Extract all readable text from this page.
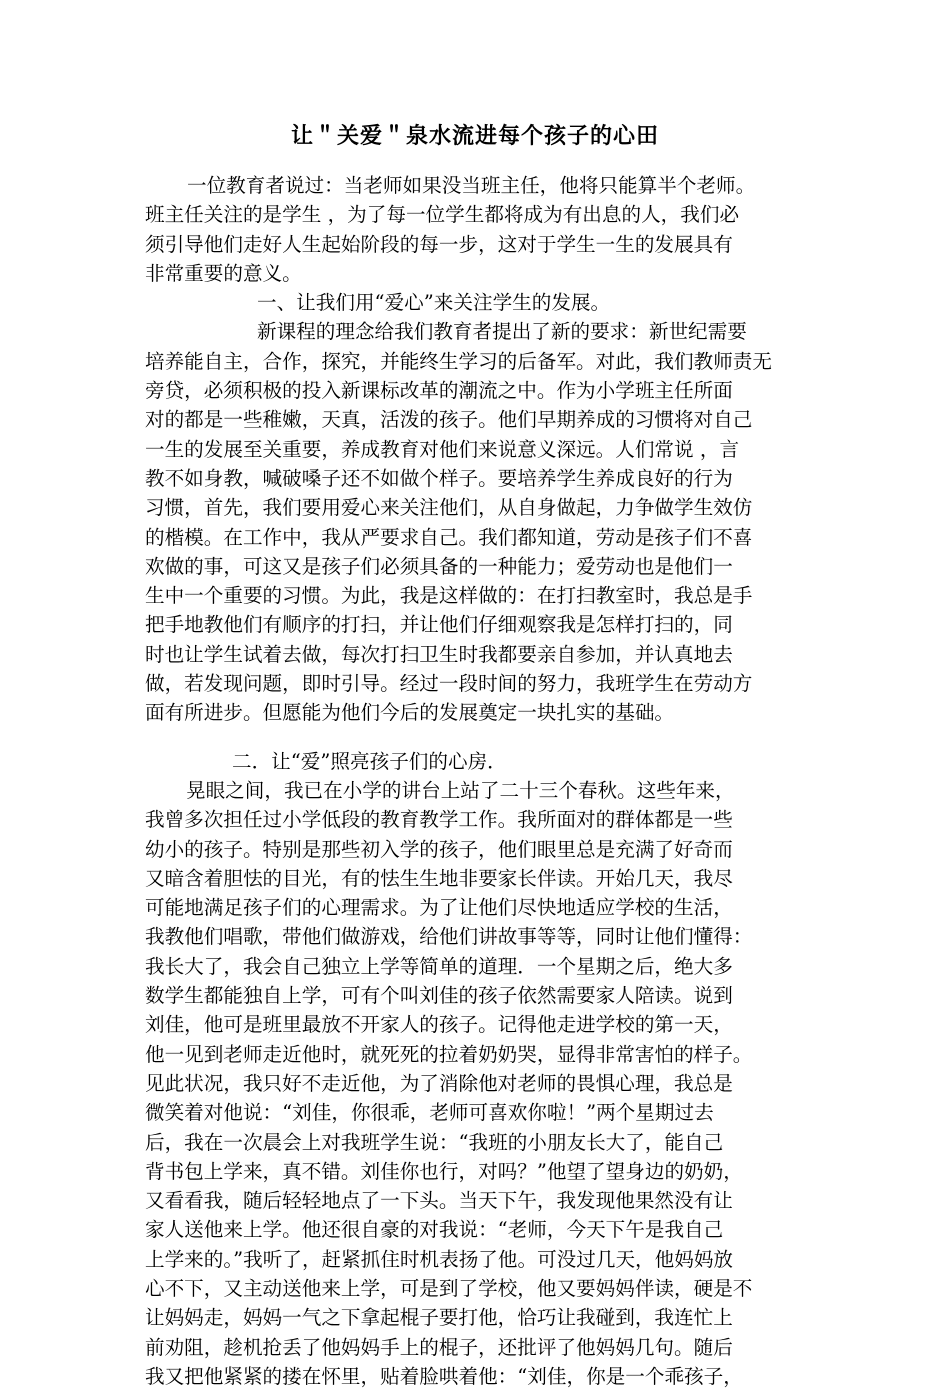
让＂关爱＂泉水流进每个孩子的心田
一位教育者说过：当老师如果没当班主任，他将只能算半个老师。
班主任关注的是学生 ，为了每一位学生都将成为有出息的人，我们必
须引导他们走好人生起始阶段的每一步，这对于学生一生的发展具有
非常重要的意义。
一、让我们用“爱心”来关注学生的发展。
新课程的理念给我们教育者提出了新的要求：新世纪需要
培养能自主，合作，探究，并能终生学习的后备军。对此，我们教师责无
旁贷，必须积极的投入新课标改革的潮流之中。作为小学班主任所面
对的都是一些稚嫩，天真，活泼的孩子。他们早期养成的习惯将对自己
一生的发展至关重要，养成教育对他们来说意义深远。人们常说 ，言
教不如身教，喊破嗓子还不如做个样子。要培养学生养成良好的行为
习惯，首先，我们要用爱心来关注他们，从自身做起，力争做学生效仿
的楷模。在工作中，我从严要求自己。我们都知道，劳动是孩子们不喜
欢做的事，可这又是孩子们必须具备的一种能力；爱劳动也是他们一
生中一个重要的习惯。为此，我是这样做的：在打扫教室时，我总是手
把手地教他们有顺序的打扫，并让他们仔细观察我是怎样打扫的，同
时也让学生试着去做，每次打扫卫生时我都要亲自参加，并认真地去
做，若发现问题，即时引导。经过一段时间的努力，我班学生在劳动方
面有所进步。但愿能为他们今后的发展奠定一块扎实的基础。
二．让“爱”照亮孩子们的心房．
晃眼之间，我已在小学的讲台上站了二十三个春秋。这些年来，
我曾多次担任过小学低段的教育教学工作。我所面对的群体都是一些
幼小的孩子。特别是那些初入学的孩子，他们眼里总是充满了好奇而
又暗含着胆怯的目光，有的怯生生地非要家长伴读。开始几天，我尽
可能地满足孩子们的心理需求。为了让他们尽快地适应学校的生活，
我教他们唱歌，带他们做游戏，给他们讲故事等等，同时让他们懂得：
我长大了，我会自己独立上学等简单的道理．一个星期之后，绝大多
数学生都能独自上学，可有个叫刘佳的孩子依然需要家人陪读。说到
刘佳，他可是班里最放不开家人的孩子。记得他走进学校的第一天，
他一见到老师走近他时，就死死的拉着奶奶哭，显得非常害怕的样子。
见此状况，我只好不走近他，为了消除他对老师的畏惧心理，我总是
微笑着对他说：“刘佳，你很乖，老师可喜欢你啦！”两个星期过去
后，我在一次晨会上对我班学生说：“我班的小朋友长大了，能自己
背书包上学来，真不错。刘佳你也行，对吗？”他望了望身边的奶奶，
又看看我，随后轻轻地点了一下头。当天下午，我发现他果然没有让
家人送他来上学。他还很自豪的对我说：“老师，今天下午是我自己
上学来的。”我听了，赶紧抓住时机表扬了他。可没过几天，他妈妈放
心不下，又主动送他来上学，可是到了学校，他又要妈妈伴读，硬是不
让妈妈走，妈妈一气之下拿起棍子要打他，恰巧让我碰到，我连忙上
前劝阻，趁机抢丢了他妈妈手上的棍子，还批评了他妈妈几句。随后
我又把他紧紧的搂在怀里，贴着脸哄着他：“刘佳，你是一个乖孩子，
